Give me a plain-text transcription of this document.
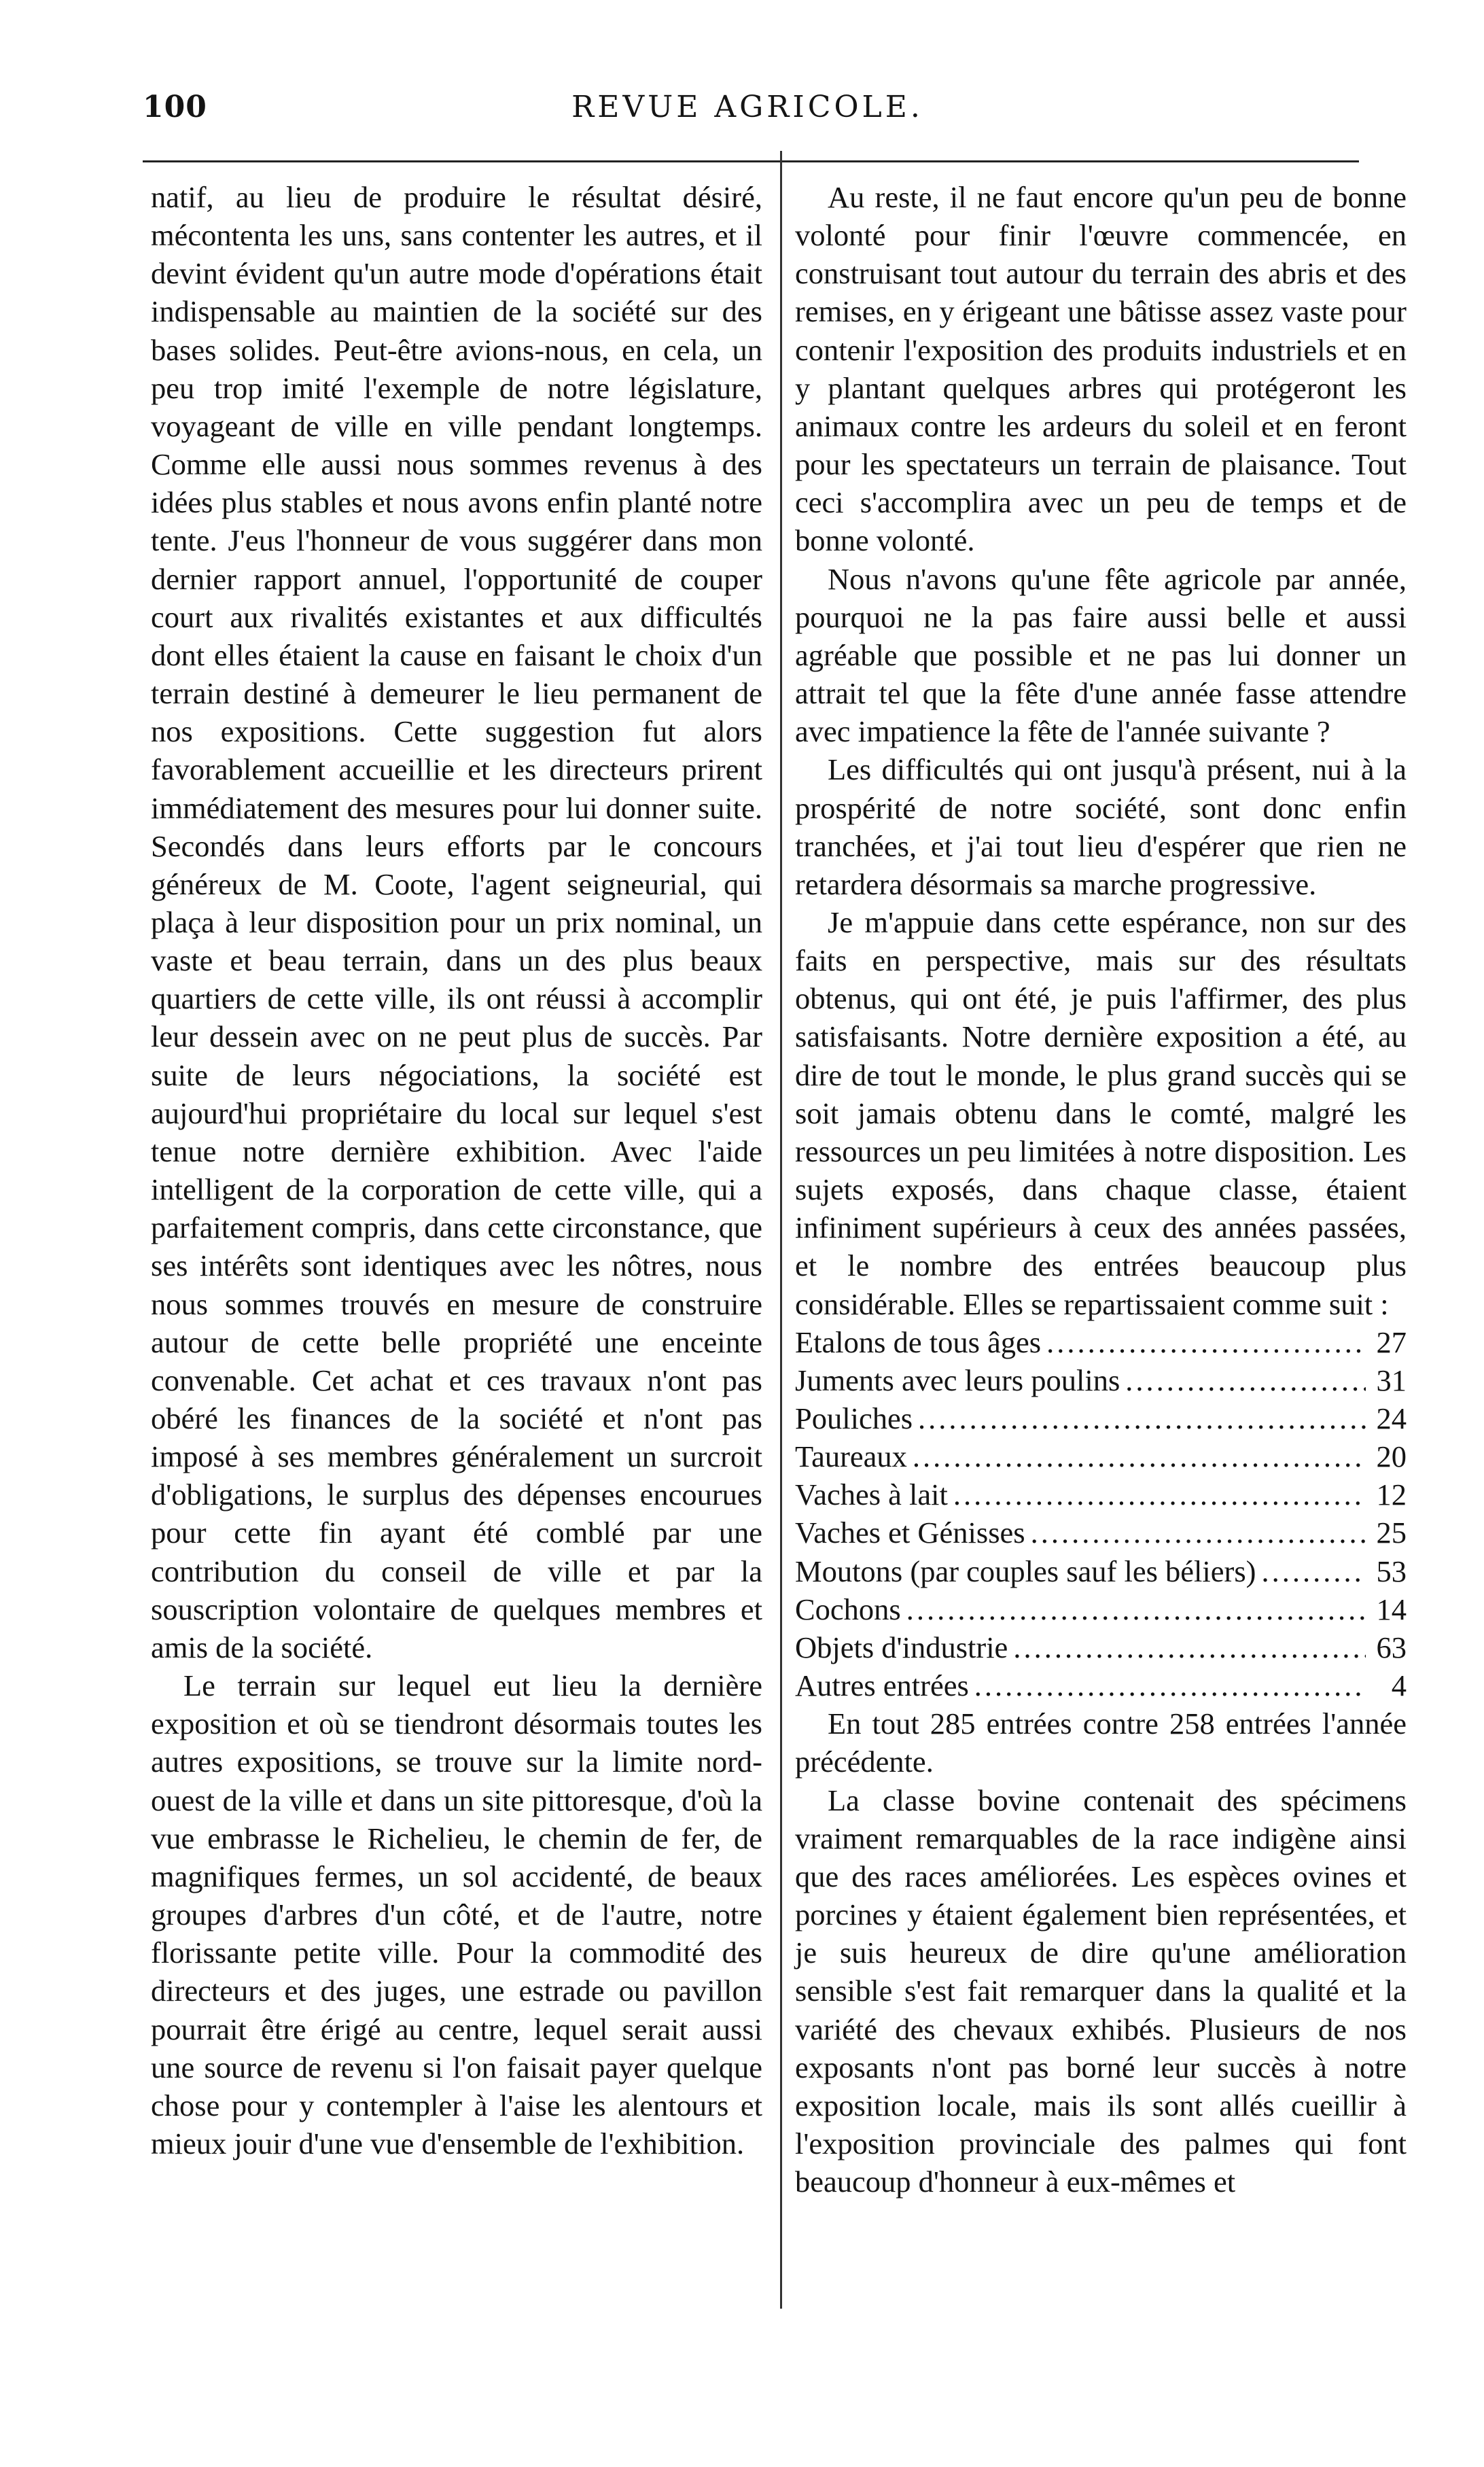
100	REVUE AGRICOLE.

natif, au lieu de produire le résultat désiré, mécontenta les uns, sans contenter les autres, et il devint évident qu'un autre mode d'opérations était indispensable au maintien de la société sur des bases solides. Peut-être avions-nous, en cela, un peu trop imité l'exemple de notre législature, voyageant de ville en ville pendant longtemps. Comme elle aussi nous sommes revenus à des idées plus stables et nous avons enfin planté notre tente. J'eus l'honneur de vous suggérer dans mon dernier rapport annuel, l'opportunité de couper court aux rivalités existantes et aux difficultés dont elles étaient la cause en faisant le choix d'un terrain destiné à demeurer le lieu permanent de nos expositions. Cette suggestion fut alors favorablement accueillie et les directeurs prirent immédiatement des mesures pour lui donner suite. Secondés dans leurs efforts par le concours généreux de M. Coote, l'agent seigneurial, qui plaça à leur disposition pour un prix nominal, un vaste et beau terrain, dans un des plus beaux quartiers de cette ville, ils ont réussi à accomplir leur dessein avec on ne peut plus de succès. Par suite de leurs négociations, la société est aujourd'hui propriétaire du local sur lequel s'est tenue notre dernière exhibition. Avec l'aide intelligent de la corporation de cette ville, qui a parfaitement compris, dans cette circonstance, que ses intérêts sont identiques avec les nôtres, nous nous sommes trouvés en mesure de construire autour de cette belle propriété une enceinte convenable. Cet achat et ces travaux n'ont pas obéré les finances de la société et n'ont pas imposé à ses membres généralement un surcroit d'obligations, le surplus des dépenses encourues pour cette fin ayant été comblé par une contribution du conseil de ville et par la souscription volontaire de quelques membres et amis de la société.

Le terrain sur lequel eut lieu la dernière exposition et où se tiendront désormais toutes les autres expositions, se trouve sur la limite nord-ouest de la ville et dans un site pittoresque, d'où la vue embrasse le Richelieu, le chemin de fer, de magnifiques fermes, un sol accidenté, de beaux groupes d'arbres d'un côté, et de l'autre, notre florissante petite ville. Pour la commodité des directeurs et des juges, une estrade ou pavillon pourrait être érigé au centre, lequel serait aussi une source de revenu si l'on faisait payer quelque chose pour y contempler à l'aise les alentours et mieux jouir d'une vue d'ensemble de l'exhibition.

Au reste, il ne faut encore qu'un peu de bonne volonté pour finir l'œuvre commencée, en construisant tout autour du terrain des abris et des remises, en y érigeant une bâtisse assez vaste pour contenir l'exposition des produits industriels et en y plantant quelques arbres qui protégeront les animaux contre les ardeurs du soleil et en feront pour les spectateurs un terrain de plaisance. Tout ceci s'accomplira avec un peu de temps et de bonne volonté.

Nous n'avons qu'une fête agricole par année, pourquoi ne la pas faire aussi belle et aussi agréable que possible et ne pas lui donner un attrait tel que la fête d'une année fasse attendre avec impatience la fête de l'année suivante ?

Les difficultés qui ont jusqu'à présent, nui à la prospérité de notre société, sont donc enfin tranchées, et j'ai tout lieu d'espérer que rien ne retardera désormais sa marche progressive.

Je m'appuie dans cette espérance, non sur des faits en perspective, mais sur des résultats obtenus, qui ont été, je puis l'affirmer, des plus satisfaisants. Notre dernière exposition a été, au dire de tout le monde, le plus grand succès qui se soit jamais obtenu dans le comté, malgré les ressources un peu limitées à notre disposition. Les sujets exposés, dans chaque classe, étaient infiniment supérieurs à ceux des années passées, et le nombre des entrées beaucoup plus considérable. Elles se repartissaient comme suit :

Etalons de tous âges .....	27
Juments avec leurs poulins .....	31
Pouliches .....	24
Taureaux .....	20
Vaches à lait .....	12
Vaches et Génisses .....	25
Moutons (par couples sauf les béliers) .....	53
Cochons .....	14
Objets d'industrie .....	63
Autres entrées .....	4

En tout 285 entrées contre 258 entrées l'année précédente.

La classe bovine contenait des spécimens vraiment remarquables de la race indigène ainsi que des races améliorées. Les espèces ovines et porcines y étaient également bien représentées, et je suis heureux de dire qu'une amélioration sensible s'est fait remarquer dans la qualité et la variété des chevaux exhibés. Plusieurs de nos exposants n'ont pas borné leur succès à notre exposition locale, mais ils sont allés cueillir à l'exposition provinciale des palmes qui font beaucoup d'honneur à eux-mêmes et
